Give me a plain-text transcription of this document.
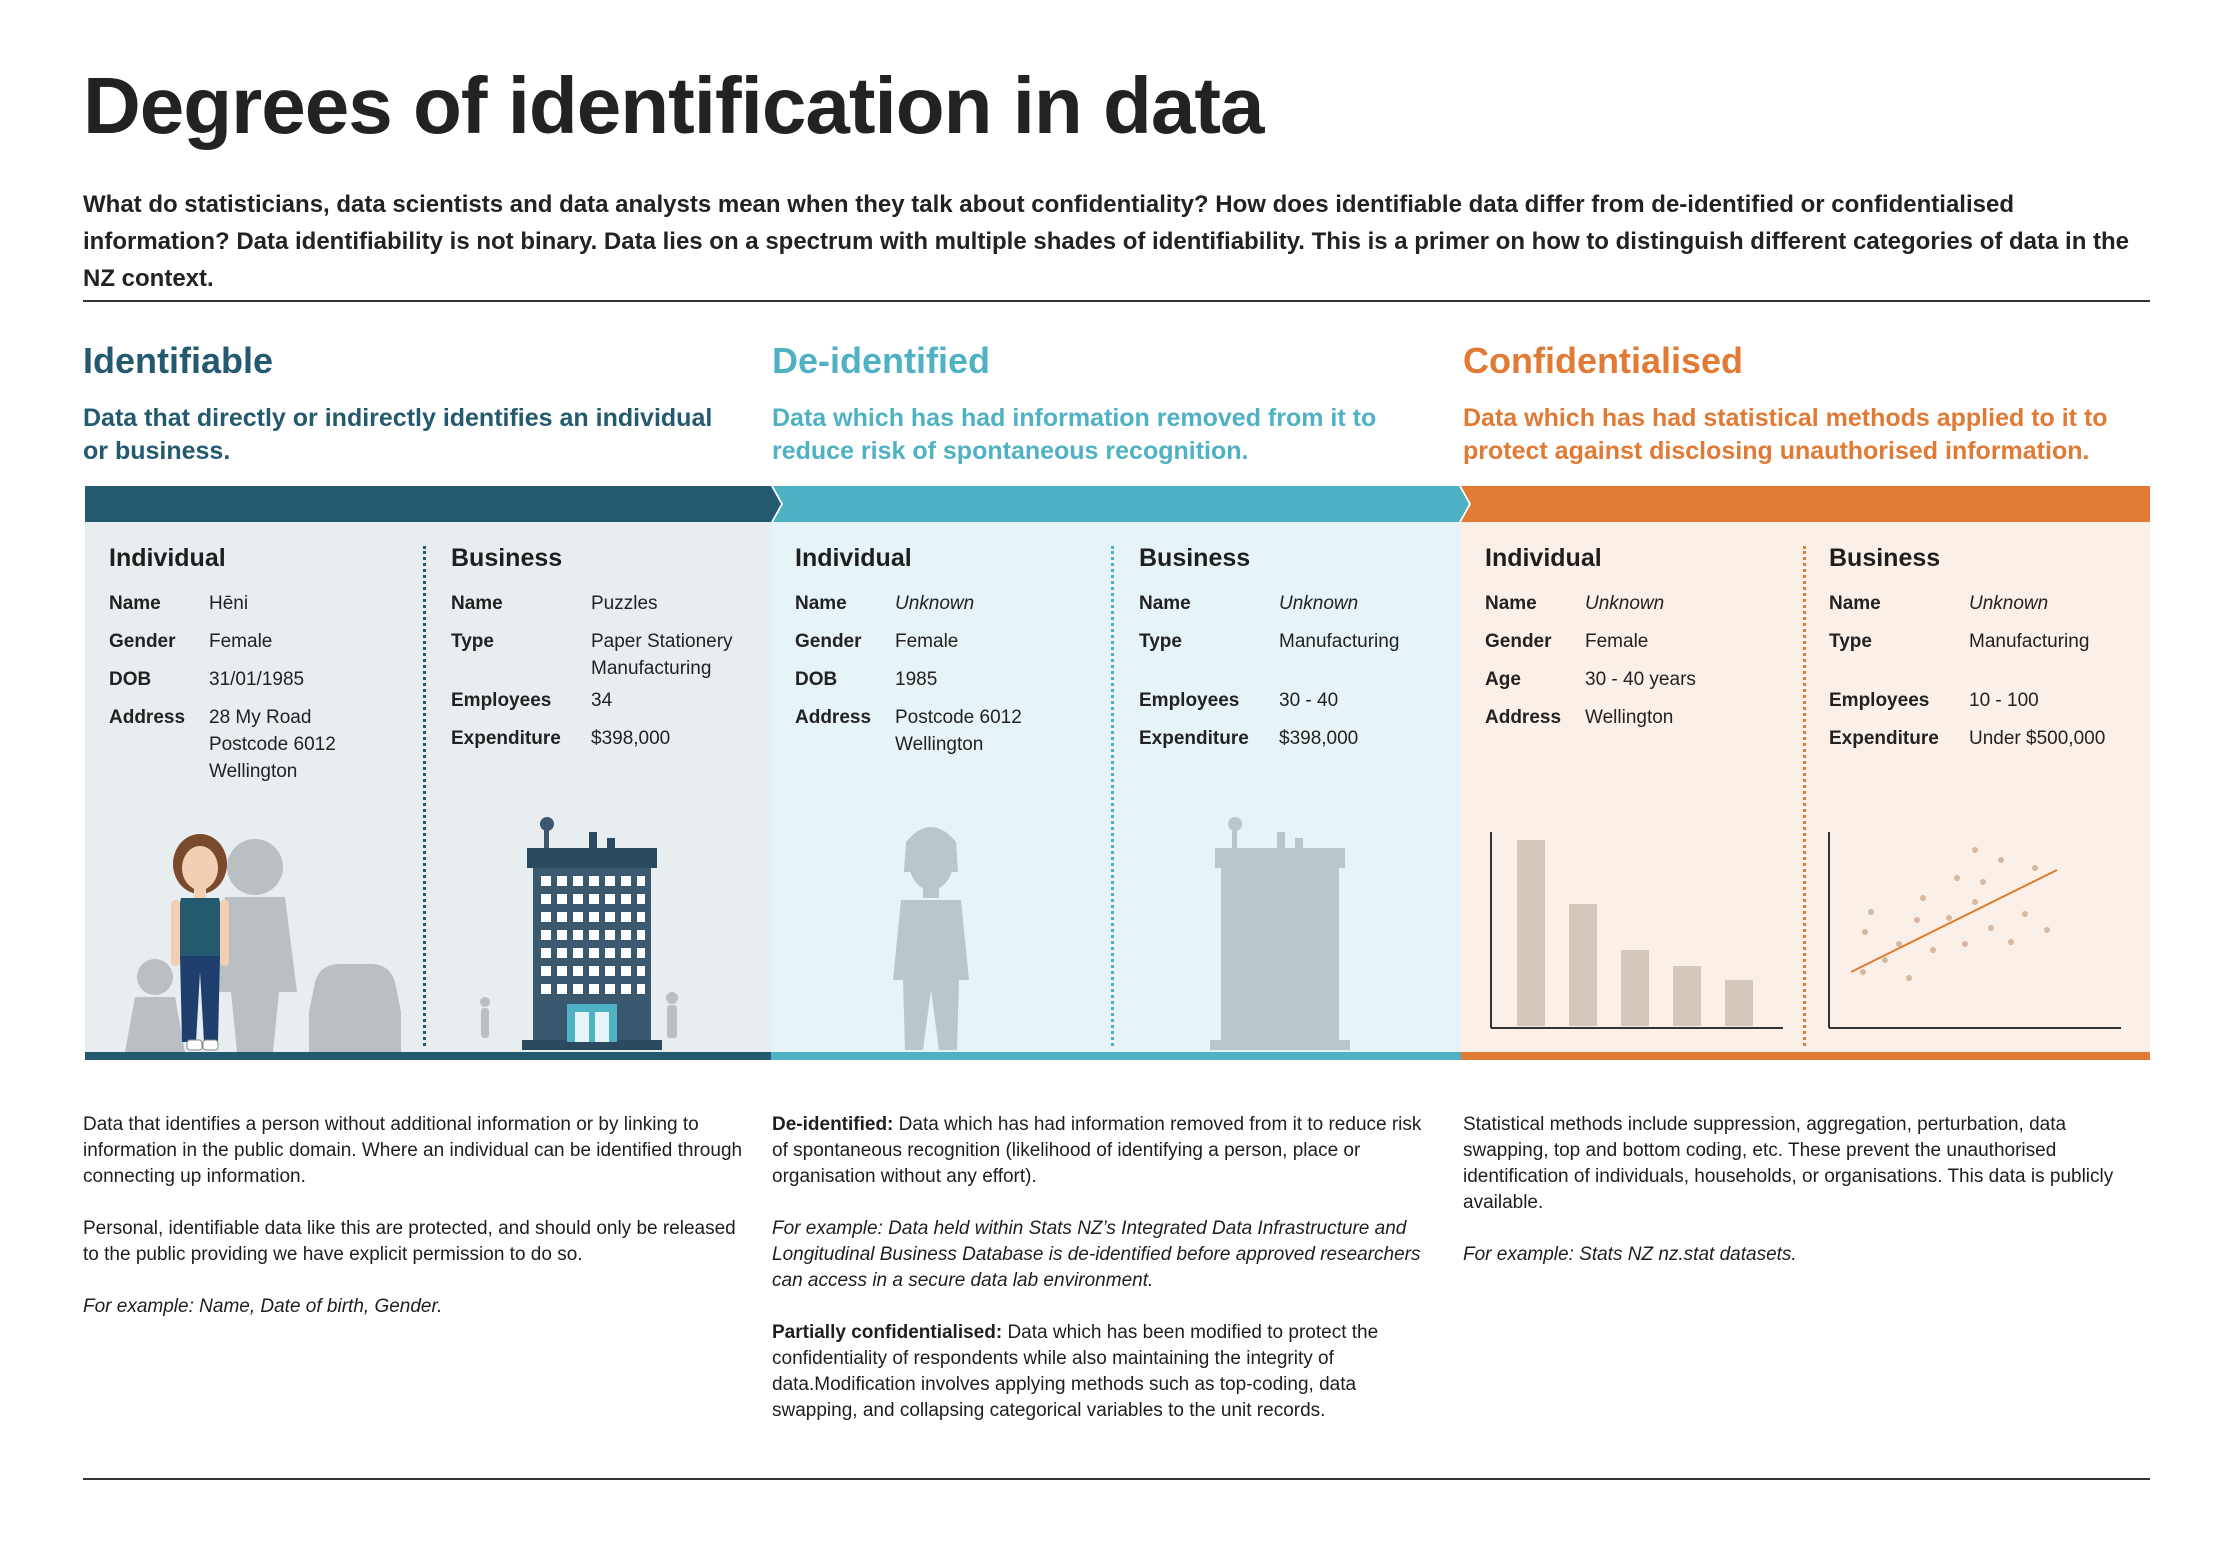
Degrees of identification in data

What do statisticians, data scientists and data analysts mean when they talk about confidentiality? How does identifiable data differ from de-identified or confidentialised information? Data identifiability is not binary. Data lies on a spectrum with multiple shades of identifiability. This is a primer on how to distinguish different categories of data in the NZ context.

Identifiable

Data that directly or indirectly identifies an individual or business.

De-identified

Data which has had information removed from it to reduce risk of spontaneous recognition.

Confidentialised

Data which has had statistical methods applied to it to protect against disclosing unauthorised information.

Individual
Name	Hēni
Gender	Female
DOB	31/01/1985
Address	28 My Road
Postcode 6012
Wellington
Business
Name	Puzzles
Type	Paper Stationery
Manufacturing
Employees	34
Expenditure	$398,000
Individual
Name	Unknown
Gender	Female
DOB	1985
Address	Postcode 6012
Wellington
Business
Name	Unknown
Type	Manufacturing
Employees	30 - 40
Expenditure	$398,000
Individual
Name	Unknown
Gender	Female
Age	30 - 40 years
Address	Wellington
Business
Name	Unknown
Type	Manufacturing
Employees	10 - 100
Expenditure	Under $500,000

Data that identifies a person without additional information or by linking to information in the public domain. Where an individual can be identified through connecting up information.

Personal, identifiable data like this are protected, and should only be released to the public providing we have explicit permission to do so.

For example: Name, Date of birth, Gender.

De-identified: Data which has had information removed from it to reduce risk of spontaneous recognition (likelihood of identifying a person, place or organisation without any effort).

For example: Data held within Stats NZ’s Integrated Data Infrastructure and Longitudinal Business Database is de-identified before approved researchers can access in a secure data lab environment.

Partially confidentialised: Data which has been modified to protect the confidentiality of respondents while also maintaining the integrity of data.Modification involves applying methods such as top-coding, data swapping, and collapsing categorical variables to the unit records.

Statistical methods include suppression, aggregation, perturbation, data swapping, top and bottom coding, etc. These prevent the unauthorised identification of individuals, households, or organisations. This data is publicly available.

For example: Stats NZ nz.stat datasets.
